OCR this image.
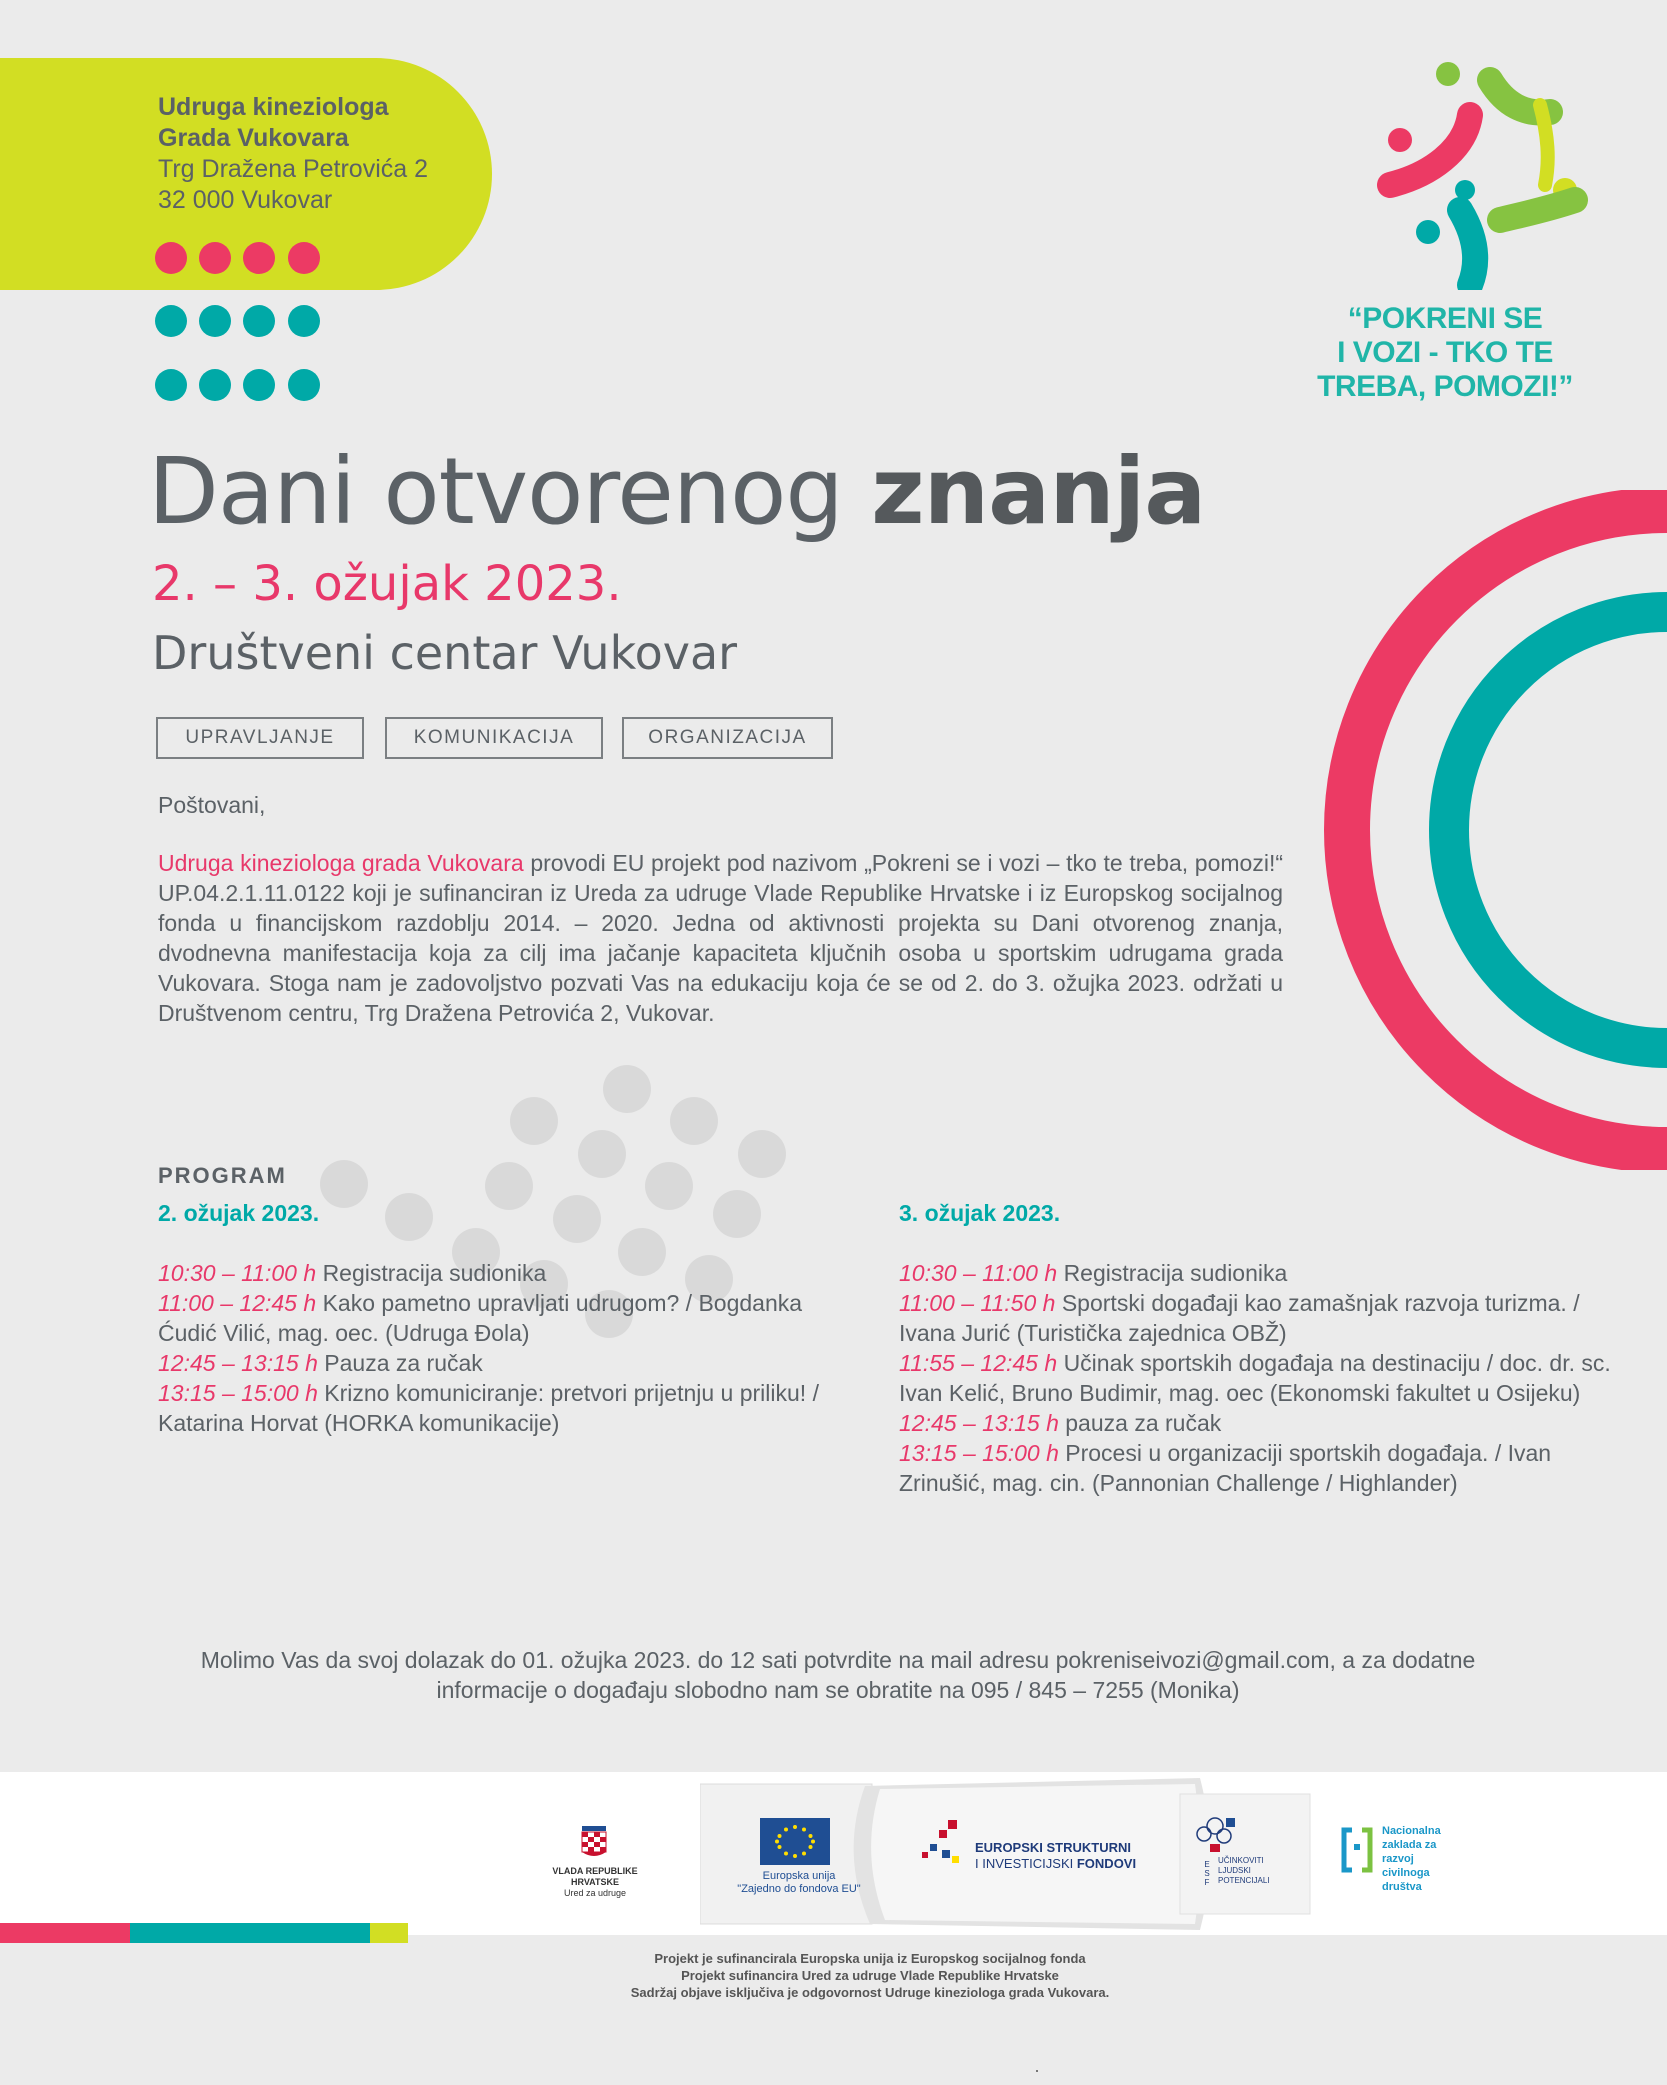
Udruga kineziologa
Grada Vukovara
Trg Dražena Petrovića 2
32 000 Vukovar
“POKRENI SE
I VOZI - TKO TE
TREBA, POMOZI!”
Dani otvorenog znanja
2. – 3. ožujak 2023.
Društveni centar Vukovar
UPRAVLJANJE	KOMUNIKACIJA	ORGANIZACIJA
Poštovani,
Udruga kineziologa grada Vukovara provodi EU projekt pod nazivom „Pokreni se i vozi – tko te treba, pomozi!“ UP.04.2.1.11.0122 koji je sufinanciran iz Ureda za udruge Vlade Republike Hrvatske i iz Europskog socijalnog fonda u financijskom razdoblju 2014. – 2020. Jedna od aktivnosti projekta su Dani otvorenog znanja, dvodnevna manifestacija koja za cilj ima jačanje kapaciteta ključnih osoba u sportskim udrugama grada Vukovara. Stoga nam je zadovoljstvo pozvati Vas na edukaciju koja će se od 2. do 3. ožujka 2023. održati u Društvenom centru, Trg Dražena Petrovića 2, Vukovar.
PROGRAM
2. ožujak 2023.
10:30 – 11:00 h Registracija sudionika
11:00 – 12:45 h Kako pametno upravljati udrugom? / Bogdanka Ćudić Vilić, mag. oec. (Udruga Đola)
12:45 – 13:15 h Pauza za ručak
13:15 – 15:00 h Krizno komuniciranje: pretvori prijetnju u priliku! / Katarina Horvat (HORKA komunikacije)
3. ožujak 2023.
10:30 – 11:00 h Registracija sudionika
11:00 – 11:50 h Sportski događaji kao zamašnjak razvoja turizma. / Ivana Jurić (Turistička zajednica OBŽ)
11:55 – 12:45 h Učinak sportskih događaja na destinaciju / doc. dr. sc. Ivan Kelić, Bruno Budimir, mag. oec (Ekonomski fakultet u Osijeku)
12:45 – 13:15 h pauza za ručak
13:15 – 15:00 h Procesi u organizaciji sportskih događaja. / Ivan Zrinušić, mag. cin. (Pannonian Challenge / Highlander)
Molimo Vas da svoj dolazak do 01. ožujka 2023. do 12 sati potvrdite na mail adresu pokreniseivozi@gmail.com, a za dodatne informacije o događaju slobodno nam se obratite na 095 / 845 – 7255 (Monika)
VLADA REPUBLIKE HRVATSKE
Ured za udruge
Europska unija
"Zajedno do fondova EU"
EUROPSKI STRUKTURNI
I INVESTICIJSKI FONDOVI	ESF
UČINKOVITI
LJUDSKI
POTENCIJALI
Nacionalna
zaklada za
razvoj
civilnoga
društva
Projekt je sufinancirala Europska unija iz Europskog socijalnog fonda
Projekt sufinancira Ured za udruge Vlade Republike Hrvatske
Sadržaj objave isključiva je odgovornost Udruge kineziologa grada Vukovara.
